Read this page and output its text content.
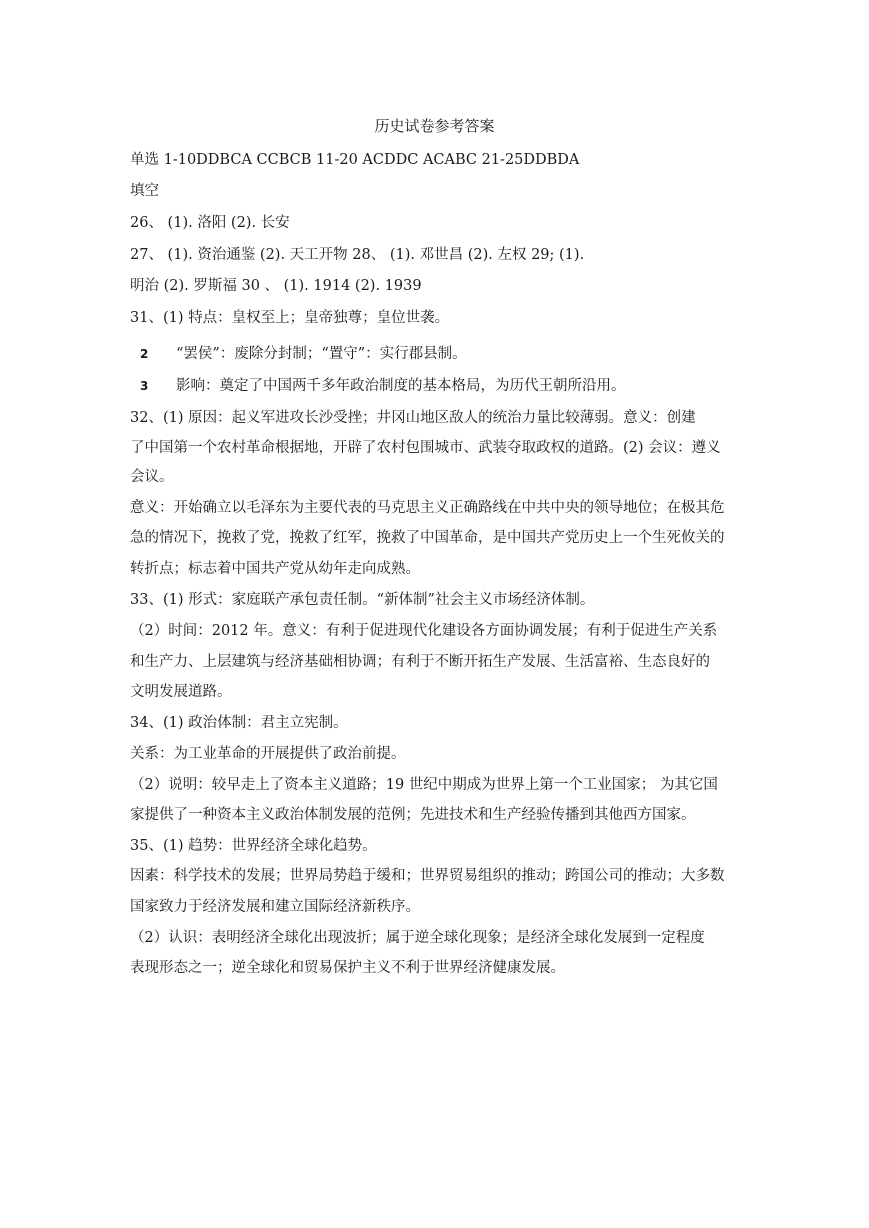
历史试卷参考答案
单选 1-10DDBCA CCBCB 11-20 ACDDC ACABC 21-25DDBDA
填空
26、 (1). 洛阳 (2). 长安
27、 (1). 资治通鉴 (2). 天工开物 28、 (1). 邓世昌 (2). 左权 29; (1).
明治 (2). 罗斯福 30 、 (1). 1914 (2). 1939
31、(1) 特点：皇权至上；皇帝独尊；皇位世袭。
2 “罢侯”：废除分封制；“置守”：实行郡县制。
3 影响：奠定了中国两千多年政治制度的基本格局，为历代王朝所沿用。
32、(1) 原因：起义军进攻长沙受挫；井冈山地区敌人的统治力量比较薄弱。意义：创建
了中国第一个农村革命根据地，开辟了农村包围城市、武装夺取政权的道路。(2) 会议：遵义
会议。
意义：开始确立以毛泽东为主要代表的马克思主义正确路线在中共中央的领导地位；在极其危
急的情况下，挽救了党，挽救了红军，挽救了中国革命，是中国共产党历史上一个生死攸关的
转折点；标志着中国共产党从幼年走向成熟。
33、(1) 形式：家庭联产承包责任制。“新体制”社会主义市场经济体制。
（2）时间：2012 年。意义：有利于促进现代化建设各方面协调发展；有利于促进生产关系
和生产力、上层建筑与经济基础相协调；有利于不断开拓生产发展、生活富裕、生态良好的
文明发展道路。
34、(1) 政治体制：君主立宪制。
关系：为工业革命的开展提供了政治前提。
（2）说明：较早走上了资本主义道路；19 世纪中期成为世界上第一个工业国家； 为其它国
家提供了一种资本主义政治体制发展的范例；先进技术和生产经验传播到其他西方国家。
35、(1) 趋势：世界经济全球化趋势。
因素：科学技术的发展；世界局势趋于缓和；世界贸易组织的推动；跨国公司的推动；大多数
国家致力于经济发展和建立国际经济新秩序。
（2）认识：表明经济全球化出现波折；属于逆全球化现象；是经济全球化发展到一定程度
表现形态之一；逆全球化和贸易保护主义不利于世界经济健康发展。
